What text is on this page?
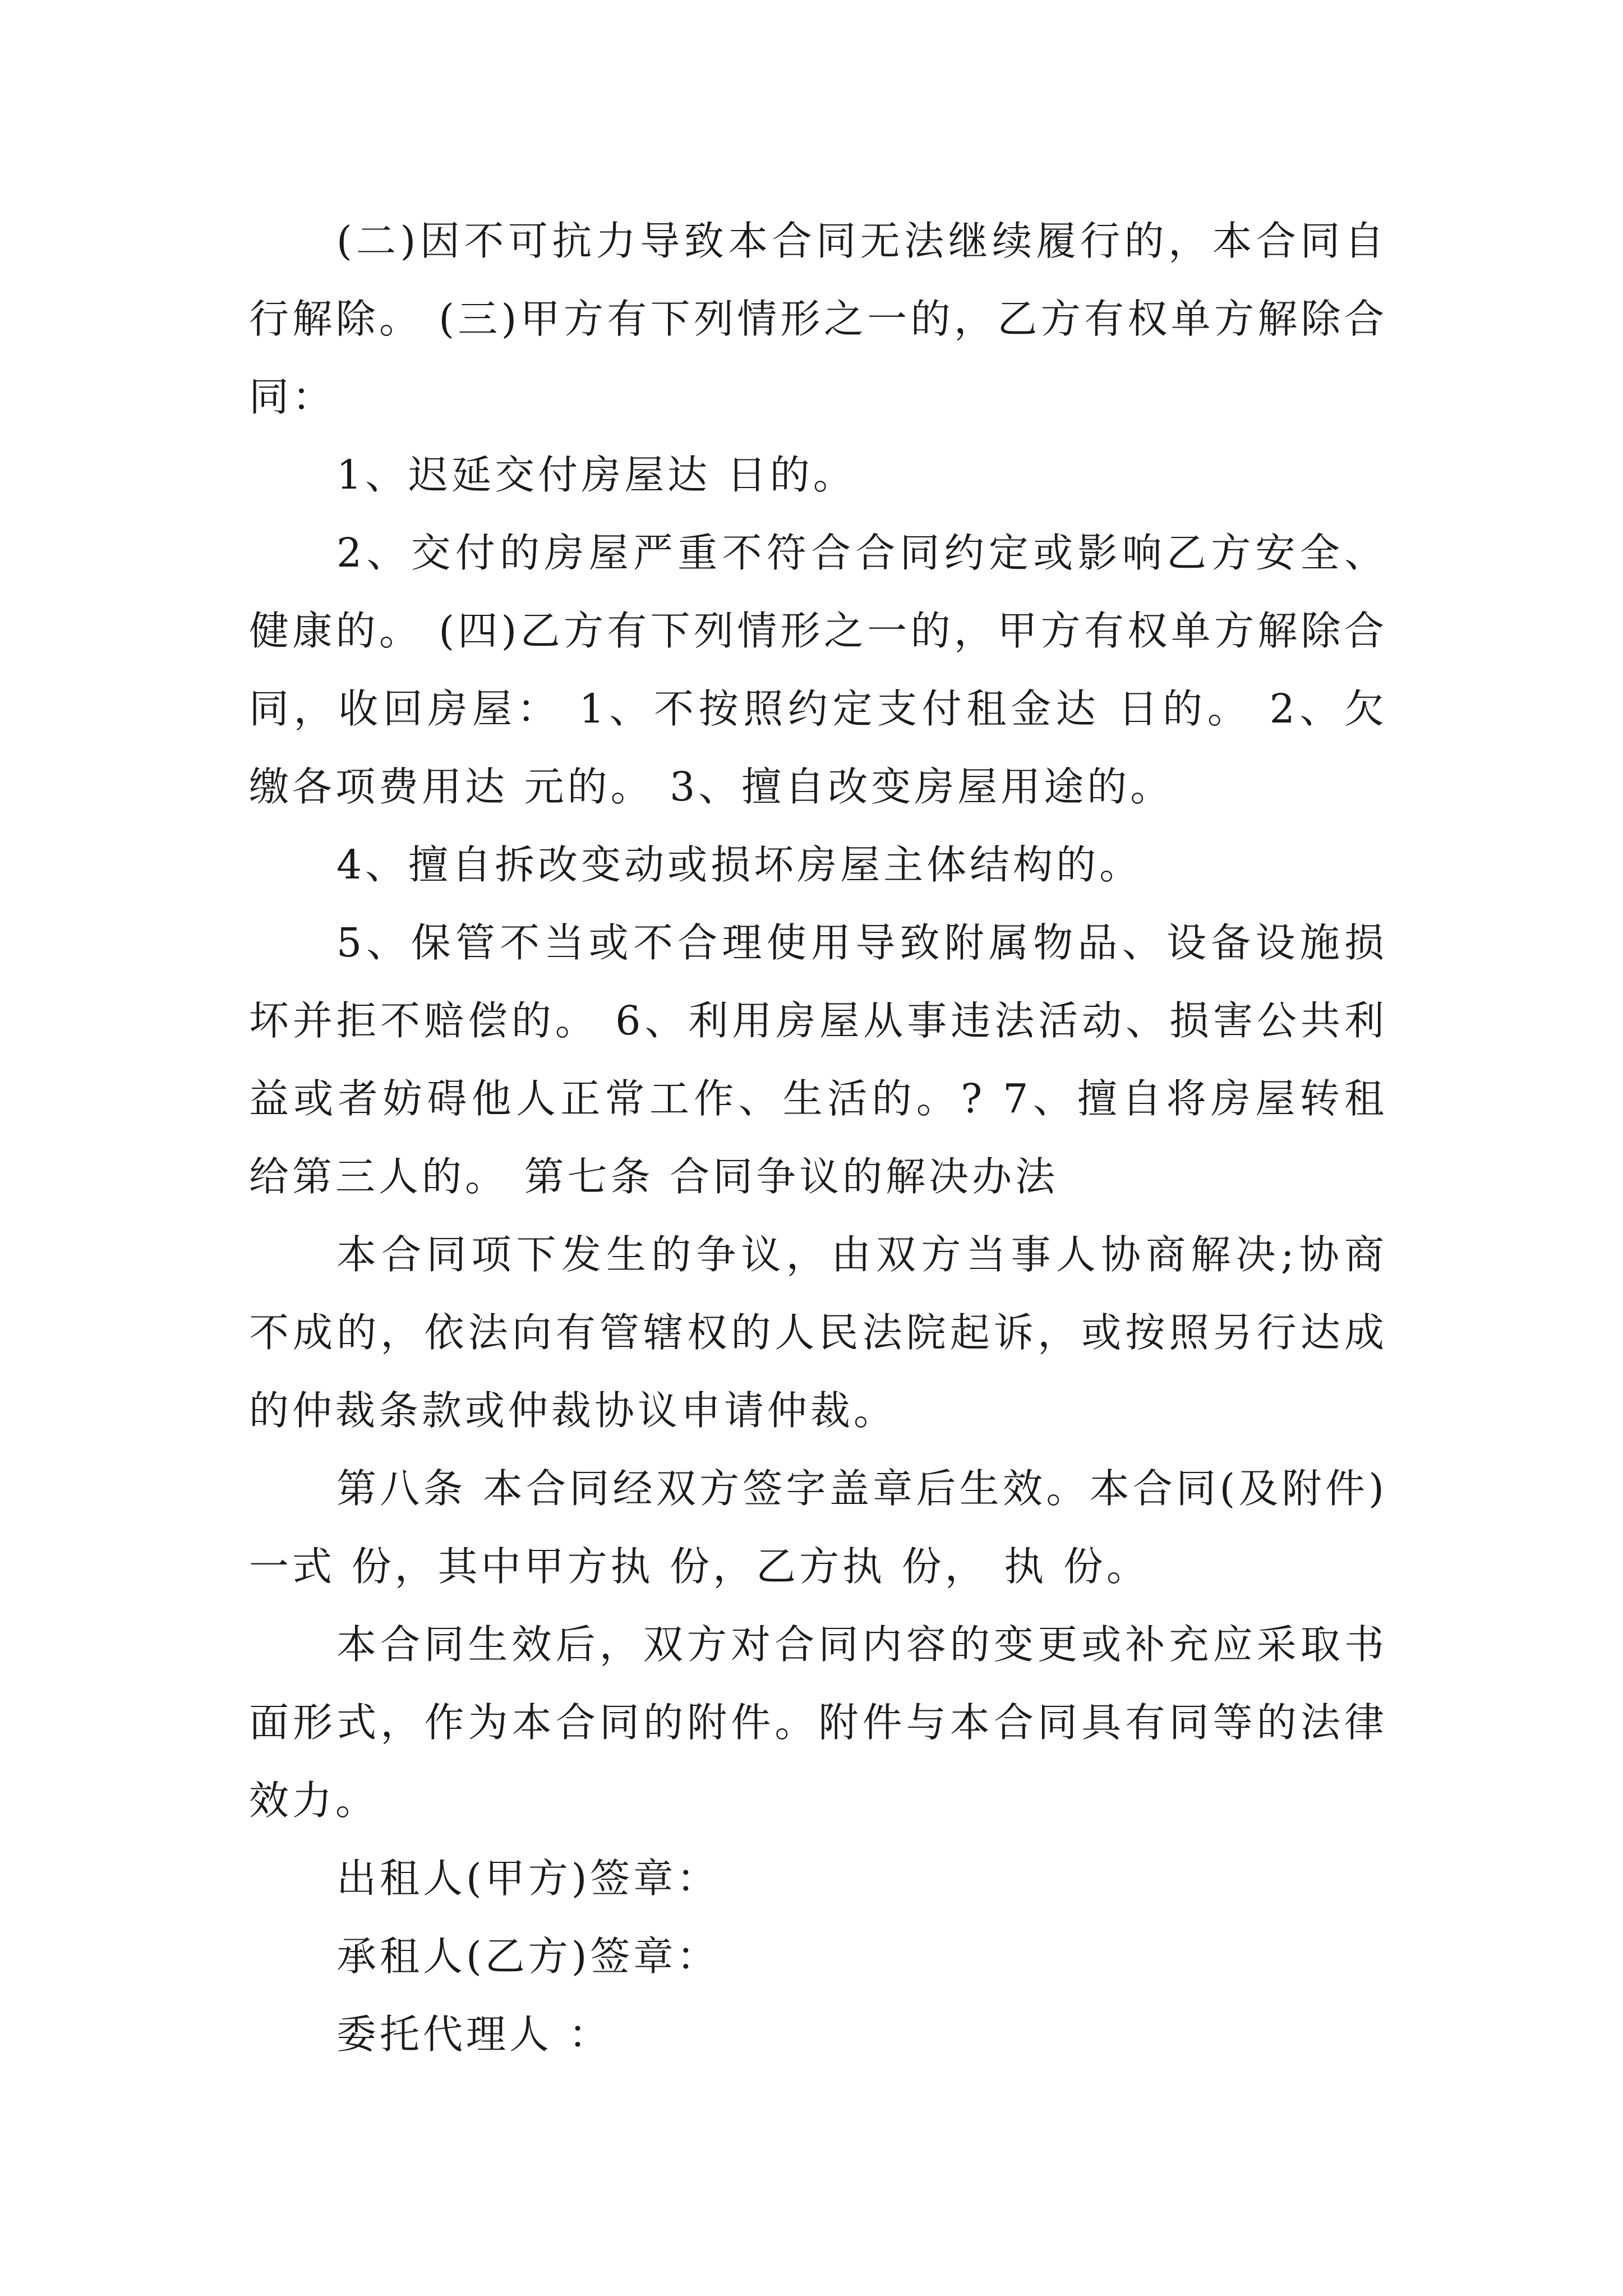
(二)因不可抗力导致本合同无法继续履行的，本合同自行解除。 (三)甲方有下列情形之一的，乙方有权单方解除合同：

1、迟延交付房屋达 日的。

2、交付的房屋严重不符合合同约定或影响乙方安全、健康的。 (四)乙方有下列情形之一的，甲方有权单方解除合同，收回房屋： 1、不按照约定支付租金达 日的。 2、欠缴各项费用达 元的。 3、擅自改变房屋用途的。

4、擅自拆改变动或损坏房屋主体结构的。

5、保管不当或不合理使用导致附属物品、设备设施损坏并拒不赔偿的。 6、利用房屋从事违法活动、损害公共利益或者妨碍他人正常工作、生活的。? 7、擅自将房屋转租给第三人的。 第七条 合同争议的解决办法

本合同项下发生的争议，由双方当事人协商解决;协商不成的，依法向有管辖权的人民法院起诉，或按照另行达成的仲裁条款或仲裁协议申请仲裁。

第八条 本合同经双方签字盖章后生效。本合同(及附件)一式 份，其中甲方执 份，乙方执 份， 执 份。

本合同生效后，双方对合同内容的变更或补充应采取书面形式，作为本合同的附件。附件与本合同具有同等的法律效力。

出租人(甲方)签章：

承租人(乙方)签章：

委托代理人 ：
